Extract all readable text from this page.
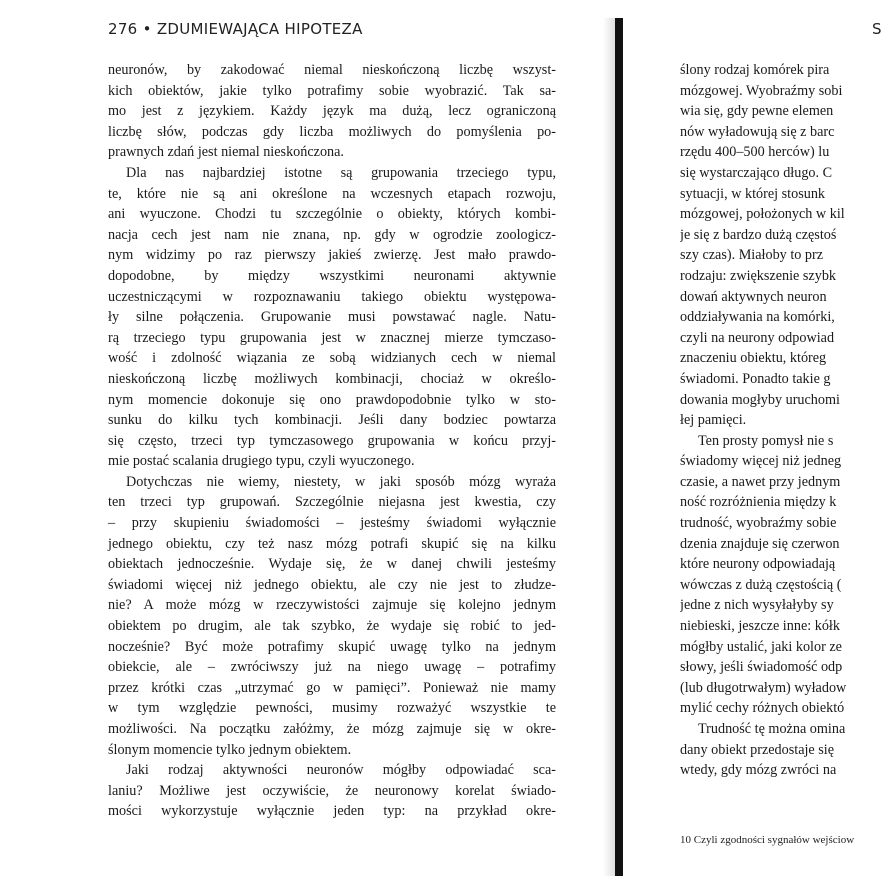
276 • ZDUMIEWAJĄCA HIPOTEZA	S
neuronów, by zakodować niemal nieskończoną liczbę wszyst-
kich obiektów, jakie tylko potrafimy sobie wyobrazić. Tak sa-
mo jest z językiem. Każdy język ma dużą, lecz ograniczoną
liczbę słów, podczas gdy liczba możliwych do pomyślenia po-
prawnych zdań jest niemal nieskończona.
Dla nas najbardziej istotne są grupowania trzeciego typu,
te, które nie są ani określone na wczesnych etapach rozwoju,
ani wyuczone. Chodzi tu szczególnie o obiekty, których kombi-
nacja cech jest nam nie znana, np. gdy w ogrodzie zoologicz-
nym widzimy po raz pierwszy jakieś zwierzę. Jest mało prawdo-
dopodobne, by między wszystkimi neuronami aktywnie
uczestniczącymi w rozpoznawaniu takiego obiektu występowa-
ły silne połączenia. Grupowanie musi powstawać nagle. Natu-
rą trzeciego typu grupowania jest w znacznej mierze tymczaso-
wość i zdolność wiązania ze sobą widzianych cech w niemal
nieskończoną liczbę możliwych kombinacji, chociaż w określo-
nym momencie dokonuje się ono prawdopodobnie tylko w sto-
sunku do kilku tych kombinacji. Jeśli dany bodziec powtarza
się często, trzeci typ tymczasowego grupowania w końcu przyj-
mie postać scalania drugiego typu, czyli wyuczonego.
Dotychczas nie wiemy, niestety, w jaki sposób mózg wyraża
ten trzeci typ grupowań. Szczególnie niejasna jest kwestia, czy
– przy skupieniu świadomości – jesteśmy świadomi wyłącznie
jednego obiektu, czy też nasz mózg potrafi skupić się na kilku
obiektach jednocześnie. Wydaje się, że w danej chwili jesteśmy
świadomi więcej niż jednego obiektu, ale czy nie jest to złudze-
nie? A może mózg w rzeczywistości zajmuje się kolejno jednym
obiektem po drugim, ale tak szybko, że wydaje się robić to jed-
nocześnie? Być może potrafimy skupić uwagę tylko na jednym
obiekcie, ale – zwróciwszy już na niego uwagę – potrafimy
przez krótki czas „utrzymać go w pamięci”. Ponieważ nie mamy
w tym względzie pewności, musimy rozważyć wszystkie te
możliwości. Na początku załóżmy, że mózg zajmuje się w okre-
ślonym momencie tylko jednym obiektem.
Jaki rodzaj aktywności neuronów mógłby odpowiadać sca-
laniu? Możliwe jest oczywiście, że neuronowy korelat świado-
mości wykorzystuje wyłącznie jeden typ: na przykład okre-
ślony rodzaj komórek pira
mózgowej. Wyobraźmy sobi
wia się, gdy pewne elemen
nów wyładowują się z barc
rzędu 400–500 herców) lu
się wystarczająco długo. C
sytuacji, w której stosunk
mózgowej, położonych w kil
je się z bardzo dużą częstoś
szy czas). Miałoby to prz
rodzaju: zwiększenie szybk
dowań aktywnych neuron
oddziaływania na komórki,
czyli na neurony odpowiad
znaczeniu obiektu, któreg
świadomi. Ponadto takie g
dowania mogłyby uruchomi
łej pamięci.
Ten prosty pomysł nie s
świadomy więcej niż jedneg
czasie, a nawet przy jednym
ność rozróżnienia między k
trudność, wyobraźmy sobie
dzenia znajduje się czerwon
które neurony odpowiadają
wówczas z dużą częstością (
jedne z nich wysyłałyby sy
niebieski, jeszcze inne: kółk
mógłby ustalić, jaki kolor ze
słowy, jeśli świadomość odp
(lub długotrwałym) wyładow
mylić cechy różnych obiektó
Trudność tę można omina
dany obiekt przedostaje się
wtedy, gdy mózg zwróci na
10 Czyli zgodności sygnałów wejściow
